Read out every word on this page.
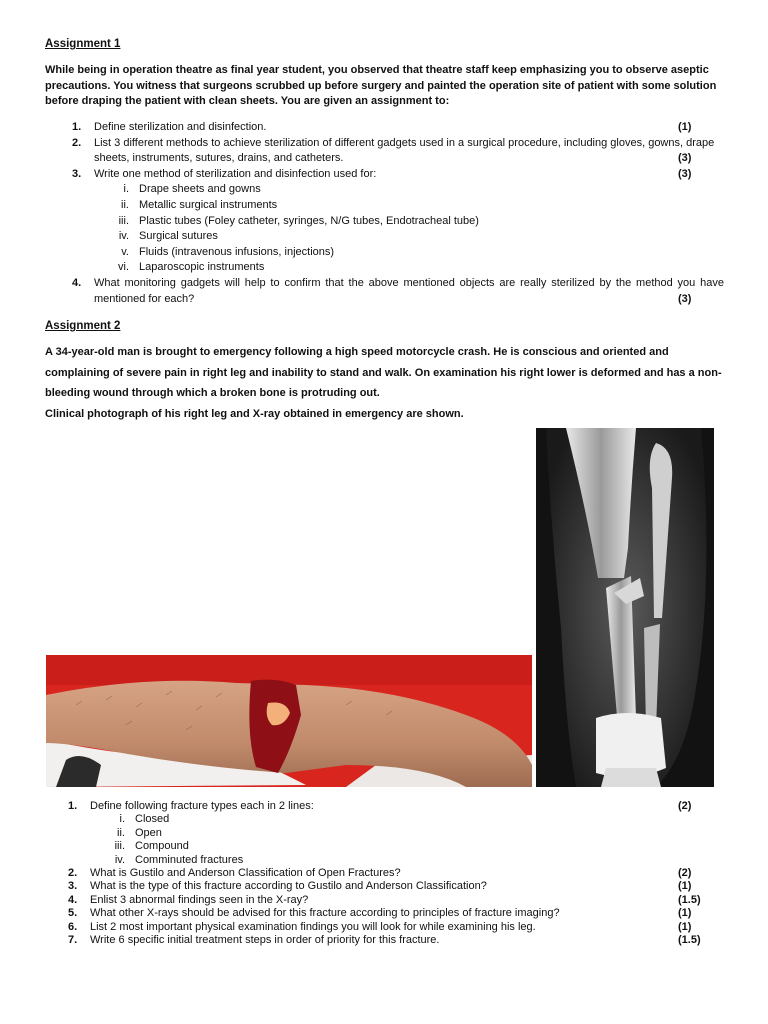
Assignment 1

While being in operation theatre as final year student, you observed that theatre staff keep emphasizing you to observe aseptic precautions. You witness that surgeons scrubbed up before surgery and painted the operation site of patient with some solution before draping the patient with clean sheets. You are given an assignment to:

1. Define sterilization and disinfection.	(1)
2. List 3 different methods to achieve sterilization of different gadgets used in a surgical procedure, including gloves, gowns, drape sheets, instruments, sutures, drains, and catheters.	(3)
3. Write one method of sterilization and disinfection used for:	(3)
i. Drape sheets and gowns
ii. Metallic surgical instruments
iii. Plastic tubes (Foley catheter, syringes, N/G tubes, Endotracheal tube)
iv. Surgical sutures
v. Fluids (intravenous infusions, injections)
vi. Laparoscopic instruments
4. What monitoring gadgets will help to confirm that the above mentioned objects are really sterilized by the method you have mentioned for each?	(3)
Assignment 2

A 34-year-old man is brought to emergency following a high speed motorcycle crash. He is conscious and oriented and complaining of severe pain in right leg and inability to stand and walk. On examination his right lower is deformed and has a non-bleeding wound through which a broken bone is protruding out.

Clinical photograph of his right leg and X-ray obtained in emergency are shown.

1. Define following fracture types each in 2 lines:	(2)
i. Closed
ii. Open
iii. Compound
iv. Comminuted fractures
2. What is Gustilo and Anderson Classification of Open Fractures?	(2)
3. What is the type of this fracture according to Gustilo and Anderson Classification?	(1)
4. Enlist 3 abnormal findings seen in the X-ray?	(1.5)
5. What other X-rays should be advised for this fracture according to principles of fracture imaging?	(1)
6. List 2 most important physical examination findings you will look for while examining his leg.	(1)
7. Write 6 specific initial treatment steps in order of priority for this fracture.	(1.5)
